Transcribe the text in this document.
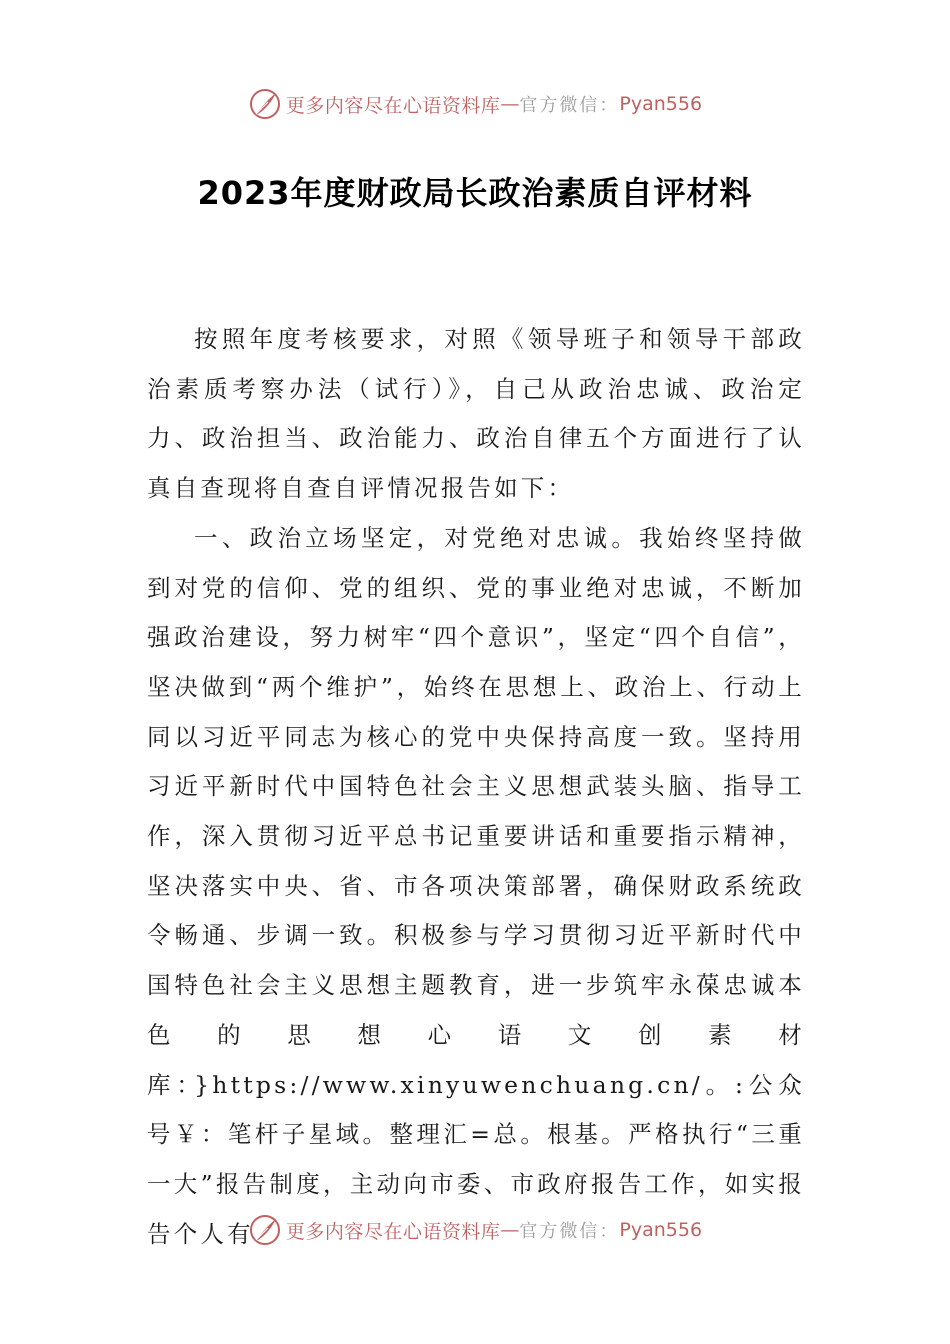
更多内容尽在心语资料库 — 官方微信： Pyan556
2023年度财政局长政治素质自评材料

按照年度考核要求，对照《领导班子和领导干部政治素质考察办法（试行）》，自己从政治忠诚、政治定力、政治担当、政治能力、政治自律五个方面进行了认真自查现将自查自评情况报告如下：

一、政治立场坚定，对党绝对忠诚。我始终坚持做到对党的信仰、党的组织、党的事业绝对忠诚，不断加强政治建设，努力树牢“四个意识”，坚定“四个自信”，坚决做到“两个维护”，始终在思想上、政治上、行动上同以习近平同志为核心的党中央保持高度一致。坚持用习近平新时代中国特色社会主义思想武装头脑、指导工作，深入贯彻习近平总书记重要讲话和重要指示精神，坚决落实中央、省、市各项决策部署，确保财政系统政令畅通、步调一致。积极参与学习贯彻习近平新时代中国特色社会主义思想主题教育，进一步筑牢永葆忠诚本色的思想心语文创素材库：}https://www.xinyuwenchuang.cn/。:公众号￥：笔杆子星域。整理汇=总。根基。严格执行“三重一大”报告制度，主动向市委、市政府报告工作，如实报告个人有	更多内容尽在心语资料库 — 官方微信： Pyan556
